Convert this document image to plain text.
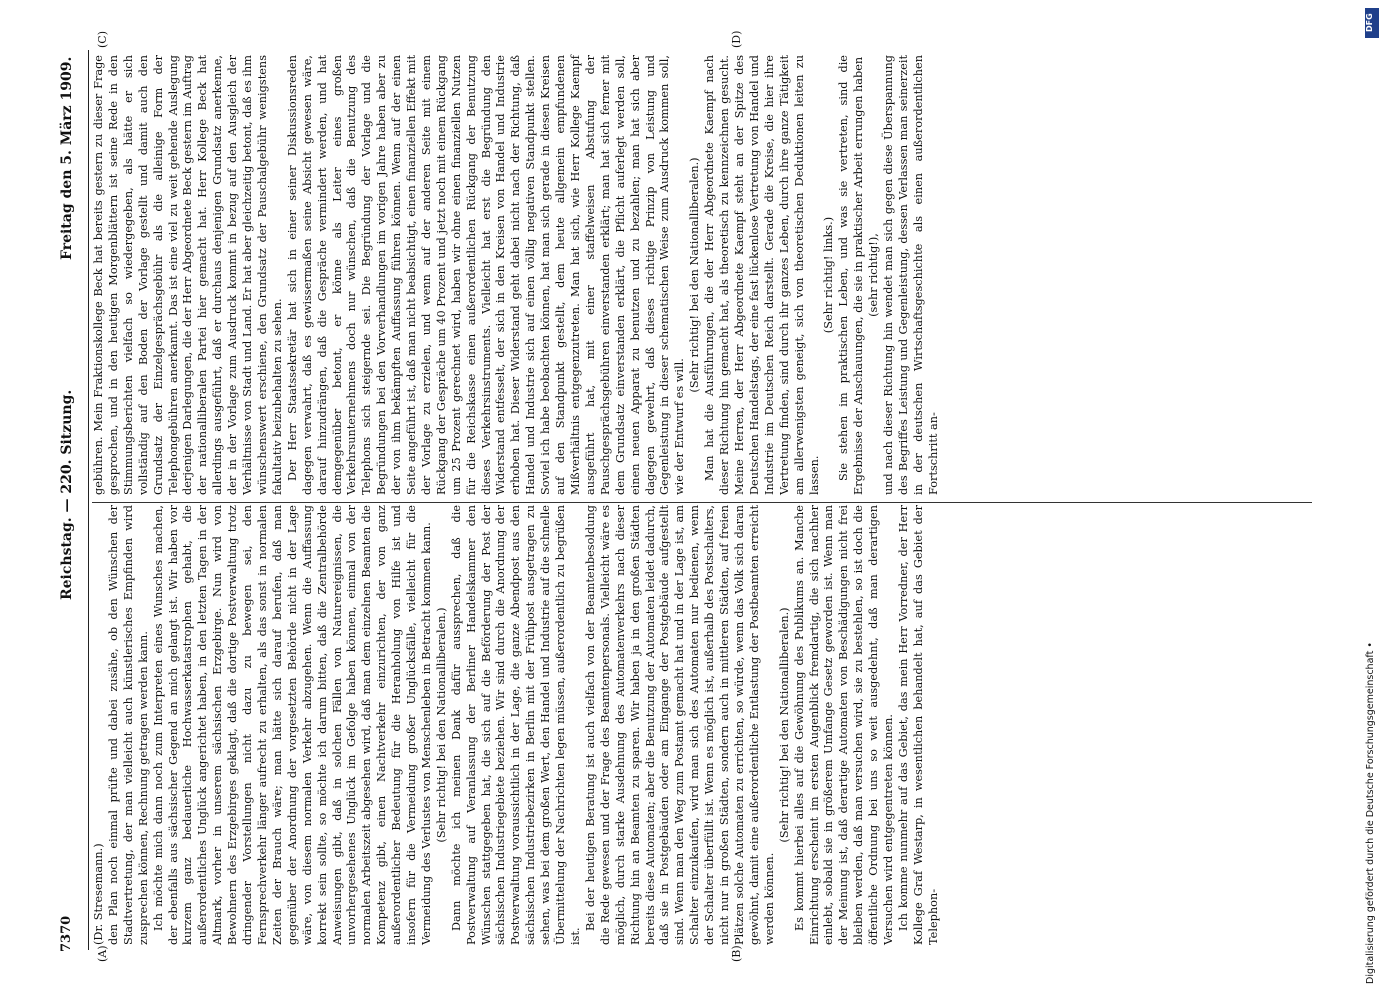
7370
Reichstag. — 220. Sitzung.
Freitag den 5. März 1909.
(A)	(B)
(C)	(D)

(Dr. Stresemann.) den Plan noch einmal prüfte und dabei zusähe, ob den Wünschen der Stadtvertretung, der man vielleicht auch künstlerisches Empfinden wird zusprechen können, Rechnung getragen werden kann. Ich möchte mich dann noch zum Interpreten eines Wunsches machen, der ebenfalls aus sächsischer Gegend an mich gelangt ist. Wir haben vor kurzem ganz bedauerliche Hochwasserkatastrophen gehabt, die außerordentliches Unglück angerichtet haben, in den letzten Tagen in der Altmark, vorher in unserem sächsischen Erzgebirge. Nun wird von Bewohnern des Erzgebirges geklagt, daß die dortige Postverwaltung trotz dringender Vorstellungen nicht dazu zu bewegen sei, den Fernsprechverkehr länger aufrecht zu erhalten, als das sonst in normalen Zeiten der Brauch wäre; man hätte sich darauf berufen, daß man gegenüber der Anordnung der vorgesetzten Behörde nicht in der Lage wäre, von diesem normalen Verkehr abzugehen. Wenn die Auffassung korrekt sein sollte, so möchte ich darum bitten, daß die Zentralbehörde Anweisungen gibt, daß in solchen Fällen von Naturereignissen, die unvorhergesehenes Unglück im Gefolge haben können, einmal von der normalen Arbeitszeit abgesehen wird, daß man dem einzelnen Beamten die Kompetenz gibt, einen Nachtverkehr einzurichten, der von ganz außerordentlicher Bedeutung für die Heranholung von Hilfe ist und insofern für die Vermeidung großer Unglücksfälle, vielleicht für die Vermeidung des Verlustes von Menschenleben in Betracht kommen kann. (Sehr richtig! bei den Nationalliberalen.) Dann möchte ich meinen Dank dafür aussprechen, daß die Postverwaltung auf Veranlassung der Berliner Handelskammer den Wünschen stattgegeben hat, die sich auf die Beförderung der Post der sächsischen Industriegebiete beziehen. Wir sind durch die Anordnung der Postverwaltung voraussichtlich in der Lage, die ganze Abendpost aus den sächsischen Industriebezirken in Berlin mit der Frühpost ausgetragen zu sehen, was bei dem großen Wert, den Handel und Industrie auf die schnelle Übermittelung der Nachrichten legen müssen, außerordentlich zu begrüßen ist.

Bei der heutigen Beratung ist auch vielfach von der Beamtenbesoldung die Rede gewesen und der Frage des Beamtenpersonals. Vielleicht wäre es möglich, durch starke Ausdehnung des Automatenverkehrs nach dieser Richtung hin an Beamten zu sparen. Wir haben ja in den großen Städten bereits diese Automaten; aber die Benutzung der Automaten leidet dadurch, daß sie in Postgebäuden oder am Eingange der Postgebäude aufgestellt sind. Wenn man den Weg zum Postamt gemacht hat und in der Lage ist, am Schalter einzukaufen, wird man sich des Automaten nur bedienen, wenn der Schalter überfüllt ist. Wenn es möglich ist, außerhalb des Postschalters, nicht nur in großen Städten, sondern auch in mittleren Städten, auf freien Plätzen solche Automaten zu errichten, so würde, wenn das Volk sich daran gewöhnt, damit eine außerordentliche Entlastung der Postbeamten erreicht werden können.

(Sehr richtig! bei den Nationalliberalen.) Es kommt hierbei alles auf die Gewöhnung des Publikums an. Manche Einrichtung erscheint im ersten Augenblick fremdartig, die sich nachher einlebt, sobald sie in größerem Umfange Gesetz geworden ist. Wenn man der Meinung ist, daß derartige Automaten von Beschädigungen nicht frei bleiben werden, daß man versuchen wird, sie zu bestehlen, so ist doch die öffentliche Ordnung bei uns so weit ausgedehnt, daß man derartigen Versuchen wird entgegentreten können. Ich komme nunmehr auf das Gebiet, das mein Herr Vorredner, der Herr Kollege Graf Westarp, in wesentlichen behandelt hat, auf das Gebiet der Telephon-

gebühren. Mein Fraktionskollege Beck hat bereits gestern zu dieser Frage gesprochen, und in den heutigen Morgenblättern ist seine Rede in den Stimmungsberichten vielfach so wiedergegeben, als hätte er sich vollständig auf den Boden der Vorlage gestellt und damit auch den Grundsatz der Einzelgesprächsgebühr als die alleinige Form der Telephongebühren anerkannt. Das ist eine viel zu weit gehende Auslegung derjenigen Darlegungen, die der Herr Abgeordnete Beck gestern im Auftrag der nationalliberalen Partei hier gemacht hat. Herr Kollege Beck hat allerdings ausgeführt, daß er durchaus denjenigen Grundsatz anerkenne, der in der Vorlage zum Ausdruck kommt in bezug auf den Ausgleich der Verhältnisse von Stadt und Land. Er hat aber gleichzeitig betont, daß es ihm wünschenswert erschiene, den Grundsatz der Pauschalgebühr wenigstens fakultativ beizubehalten zu sehen. Der Herr Staatssekretär hat sich in einer seiner Diskussionsreden dagegen verwahrt, daß es gewissermaßen seine Absicht gewesen wäre, darauf hinzudrängen, daß die Gespräche vermindert werden, und hat demgegenüber betont, er könne als Leiter eines großen Verkehrsunternehmens doch nur wünschen, daß die Benutzung des Telephons sich steigernde sei. Die Begründung der Vorlage und die Begründungen bei den Vorverhandlungen im vorigen Jahre haben aber zu der von ihm bekämpften Auffassung führen können. Wenn auf der einen Seite angeführt ist, daß man nicht beabsichtigt, einen finanziellen Effekt mit der Vorlage zu erzielen, und wenn auf der anderen Seite mit einem Rückgang der Gespräche um 40 Prozent und jetzt noch mit einem Rückgang um 25 Prozent gerechnet wird, haben wir ohne einen finanziellen Nutzen für die Reichskasse einen außerordentlichen Rückgang der Benutzung dieses Verkehrsinstruments. Vielleicht hat erst die Begründung den Widerstand entfesselt, der sich in den Kreisen von Handel und Industrie erhoben hat. Dieser Widerstand geht dabei nicht nach der Richtung, daß Handel und Industrie sich auf einen völlig negativen Standpunkt stellen. Soviel ich habe beobachten können, hat man sich gerade in diesen Kreisen auf den Standpunkt gestellt, dem heute allgemein empfundenen Mißverhältnis entgegenzutreten. Man hat sich, wie Herr Kollege Kaempf ausgeführt hat, mit einer staffelweisen Abstufung der Pauschgesprächsgebühren einverstanden erklärt; man hat sich ferner mit dem Grundsatz einverstanden erklärt, die Pflicht auferlegt werden soll, einen neuen Apparat zu benutzen und zu bezahlen; man hat sich aber dagegen gewehrt, daß dieses richtige Prinzip von Leistung und Gegenleistung in dieser schematischen Weise zum Ausdruck kommen soll, wie der Entwurf es will.

(Sehr richtig! bei den Nationalliberalen.) Man hat die Ausführungen, die der Herr Abgeordnete Kaempf nach dieser Richtung hin gemacht hat, als theoretisch zu kennzeichnen gesucht. Meine Herren, der Herr Abgeordnete Kaempf steht an der Spitze des Deutschen Handelstags, der eine fast lückenlose Vertretung von Handel und Industrie im Deutschen Reich darstellt. Gerade die Kreise, die hier ihre Vertretung finden, sind durch ihr ganzes Leben, durch ihre ganze Tätigkeit am allerwenigsten geneigt, sich von theoretischen Deduktionen leiten zu lassen.

(Sehr richtig! links.) Sie stehen im praktischen Leben, und was sie vertreten, sind die Ergebnisse der Anschauungen, die sie in praktischer Arbeit errungen haben (sehr richtig!), und nach dieser Richtung hin wendet man sich gegen diese Überspannung des Begriffes Leistung und Gegenleistung, dessen Verlassen man seinerzeit in der deutschen Wirtschaftsgeschichte als einen außerordentlichen Fortschritt an-

DFG
Digitalisierung gefördert durch die Deutsche Forschungsgemeinschaft •
